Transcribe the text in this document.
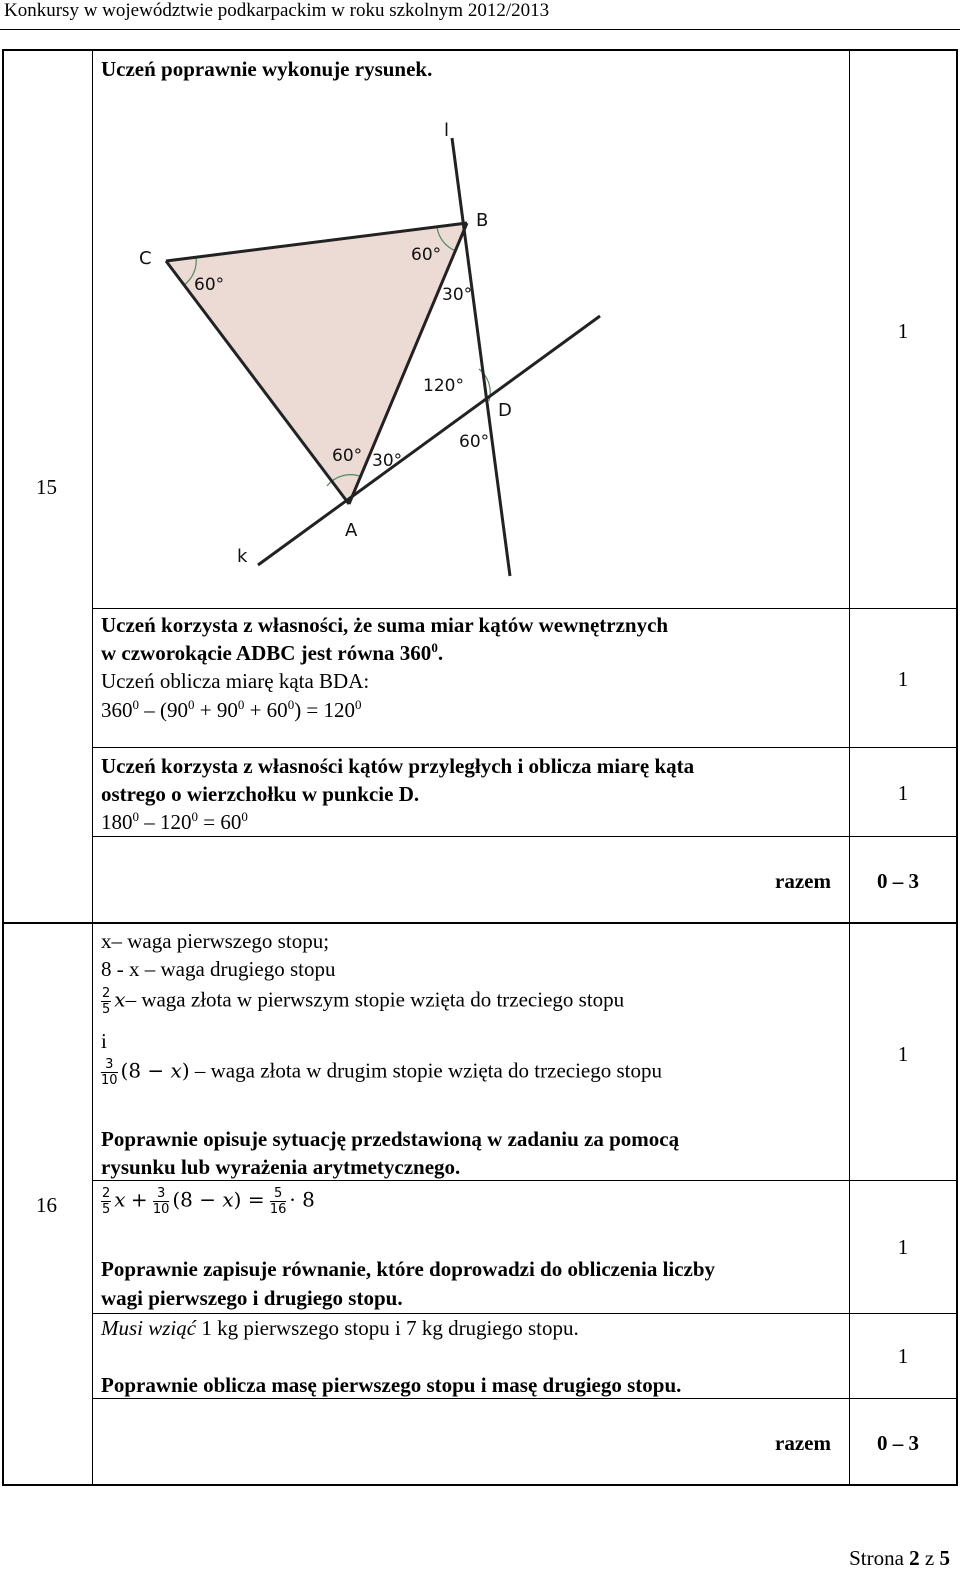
Konkursy w województwie podkarpackim w roku szkolnym 2012/2013
15
Uczeń poprawnie wykonuje rysunek.
1
l
B
C
D
A
k
60°
60°
30°
120°
60°
60° 30°
Uczeń korzysta z własności, że suma miar kątów wewnętrznych
w czworokącie ADBC jest równa $360^0$.
Uczeń oblicza miarę kąta BDA:
$360^0 - (90^0 + 90^0 + 60^0) = 120^0$
1
Uczeń korzysta z własności kątów przyległych i oblicza miarę kąta
ostrego o wierzchołku w punkcie D.
$180^0 - 120^0 = 60^0$
1
razem 0 – 3
16
x– waga pierwszego stopu;
8 - x – waga drugiego stopu
$\frac{2}{5}$ 𝑥– waga złota w pierwszym stopie wzięta do trzeciego stopu
i
$\frac{3}{10} (8$ − 𝑥) – waga złota w drugim stopie wzięta do trzeciego stopu
1
Poprawnie opisuje sytuację przedstawioną w zadaniu za pomocą
rysunku lub wyrażenia arytmetycznego.
$\frac{2}{5}$ 𝑥 + $\frac{3}{10} (8$ − 𝑥) = $\frac{5}{16} \cdot 8$
1
Poprawnie zapisuje równanie, które doprowadzi do obliczenia liczby
wagi pierwszego i drugiego stopu.
Musi wziąć 1 kg pierwszego stopu i 7 kg drugiego stopu.
1
Poprawnie oblicza masę pierwszego stopu i masę drugiego stopu.
razem 0 – 3
Strona 2 z 5
